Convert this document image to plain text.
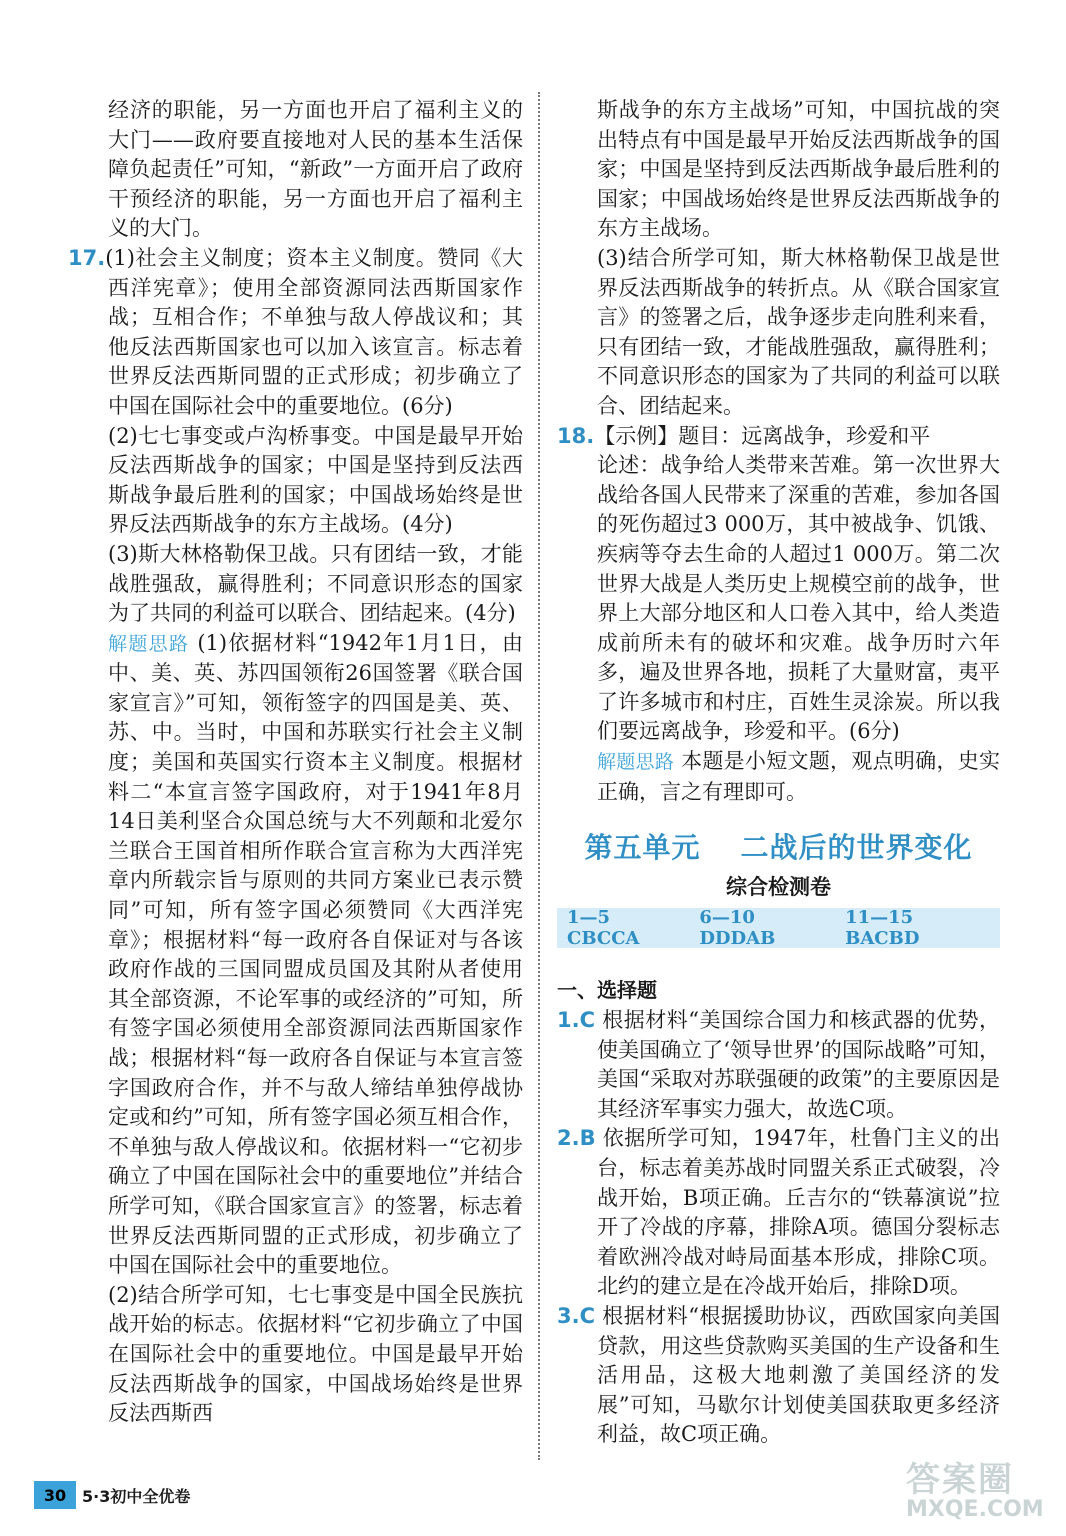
经济的职能，另一方面也开启了福利主义的大门——政府要直接地对人民的基本生活保障负起责任”可知，“新政”一方面开启了政府干预经济的职能，另一方面也开启了福利主义的大门。

17.(1)社会主义制度；资本主义制度。赞同《大西洋宪章》；使用全部资源同法西斯国家作战；互相合作；不单独与敌人停战议和；其他反法西斯国家也可以加入该宣言。标志着世界反法西斯同盟的正式形成；初步确立了中国在国际社会中的重要地位。(6分)

(2)七七事变或卢沟桥事变。中国是最早开始反法西斯战争的国家；中国是坚持到反法西斯战争最后胜利的国家；中国战场始终是世界反法西斯战争的东方主战场。(4分)

(3)斯大林格勒保卫战。只有团结一致，才能战胜强敌，赢得胜利；不同意识形态的国家为了共同的利益可以联合、团结起来。(4分)

解题思路 (1)依据材料“1942年1月1日，由中、美、英、苏四国领衔26国签署《联合国家宣言》”可知，领衔签字的四国是美、英、苏、中。当时，中国和苏联实行社会主义制度；美国和英国实行资本主义制度。根据材料二“本宣言签字国政府，对于1941年8月14日美利坚合众国总统与大不列颠和北爱尔兰联合王国首相所作联合宣言称为大西洋宪章内所载宗旨与原则的共同方案业已表示赞同”可知，所有签字国必须赞同《大西洋宪章》；根据材料“每一政府各自保证对与各该政府作战的三国同盟成员国及其附从者使用其全部资源，不论军事的或经济的”可知，所有签字国必须使用全部资源同法西斯国家作战；根据材料“每一政府各自保证与本宣言签字国政府合作，并不与敌人缔结单独停战协定或和约”可知，所有签字国必须互相合作，不单独与敌人停战议和。依据材料一“它初步确立了中国在国际社会中的重要地位”并结合所学可知，《联合国家宣言》的签署，标志着世界反法西斯同盟的正式形成，初步确立了中国在国际社会中的重要地位。

(2)结合所学可知，七七事变是中国全民族抗战开始的标志。依据材料“它初步确立了中国在国际社会中的重要地位。中国是最早开始反法西斯战争的国家，中国战场始终是世界反法西斯西

斯战争的东方主战场”可知，中国抗战的突出特点有中国是最早开始反法西斯战争的国家；中国是坚持到反法西斯战争最后胜利的国家；中国战场始终是世界反法西斯战争的东方主战场。

(3)结合所学可知，斯大林格勒保卫战是世界反法西斯战争的转折点。从《联合国家宣言》的签署之后，战争逐步走向胜利来看，只有团结一致，才能战胜强敌，赢得胜利；不同意识形态的国家为了共同的利益可以联合、团结起来。

18.【示例】题目：远离战争，珍爱和平

论述：战争给人类带来苦难。第一次世界大战给各国人民带来了深重的苦难，参加各国的死伤超过3 000万，其中被战争、饥饿、疾病等夺去生命的人超过1 000万。第二次世界大战是人类历史上规模空前的战争，世界上大部分地区和人口卷入其中，给人类造成前所未有的破坏和灾难。战争历时六年多，遍及世界各地，损耗了大量财富，夷平了许多城市和村庄，百姓生灵涂炭。所以我们要远离战争，珍爱和平。(6分)

解题思路 本题是小短文题，观点明确，史实正确，言之有理即可。

第五单元 二战后的世界变化
综合检测卷
1—5 CBCCA
6—10 DDDAB
11—15 BACBD
一、选择题

1.C 根据材料“美国综合国力和核武器的优势，使美国确立了‘领导世界’的国际战略”可知，美国“采取对苏联强硬的政策”的主要原因是其经济军事实力强大，故选C项。

2.B 依据所学可知，1947年，杜鲁门主义的出台，标志着美苏战时同盟关系正式破裂，冷战开始，B项正确。丘吉尔的“铁幕演说”拉开了冷战的序幕，排除A项。德国分裂标志着欧洲冷战对峙局面基本形成，排除C项。北约的建立是在冷战开始后，排除D项。

3.C 根据材料“根据援助协议，西欧国家向美国贷款，用这些贷款购买美国的生产设备和生活用品，这极大地刺激了美国经济的发展”可知，马歇尔计划使美国获取更多经济利益，故C项正确。

30 5·3初中全优卷	答案圈
MXQE.COM
